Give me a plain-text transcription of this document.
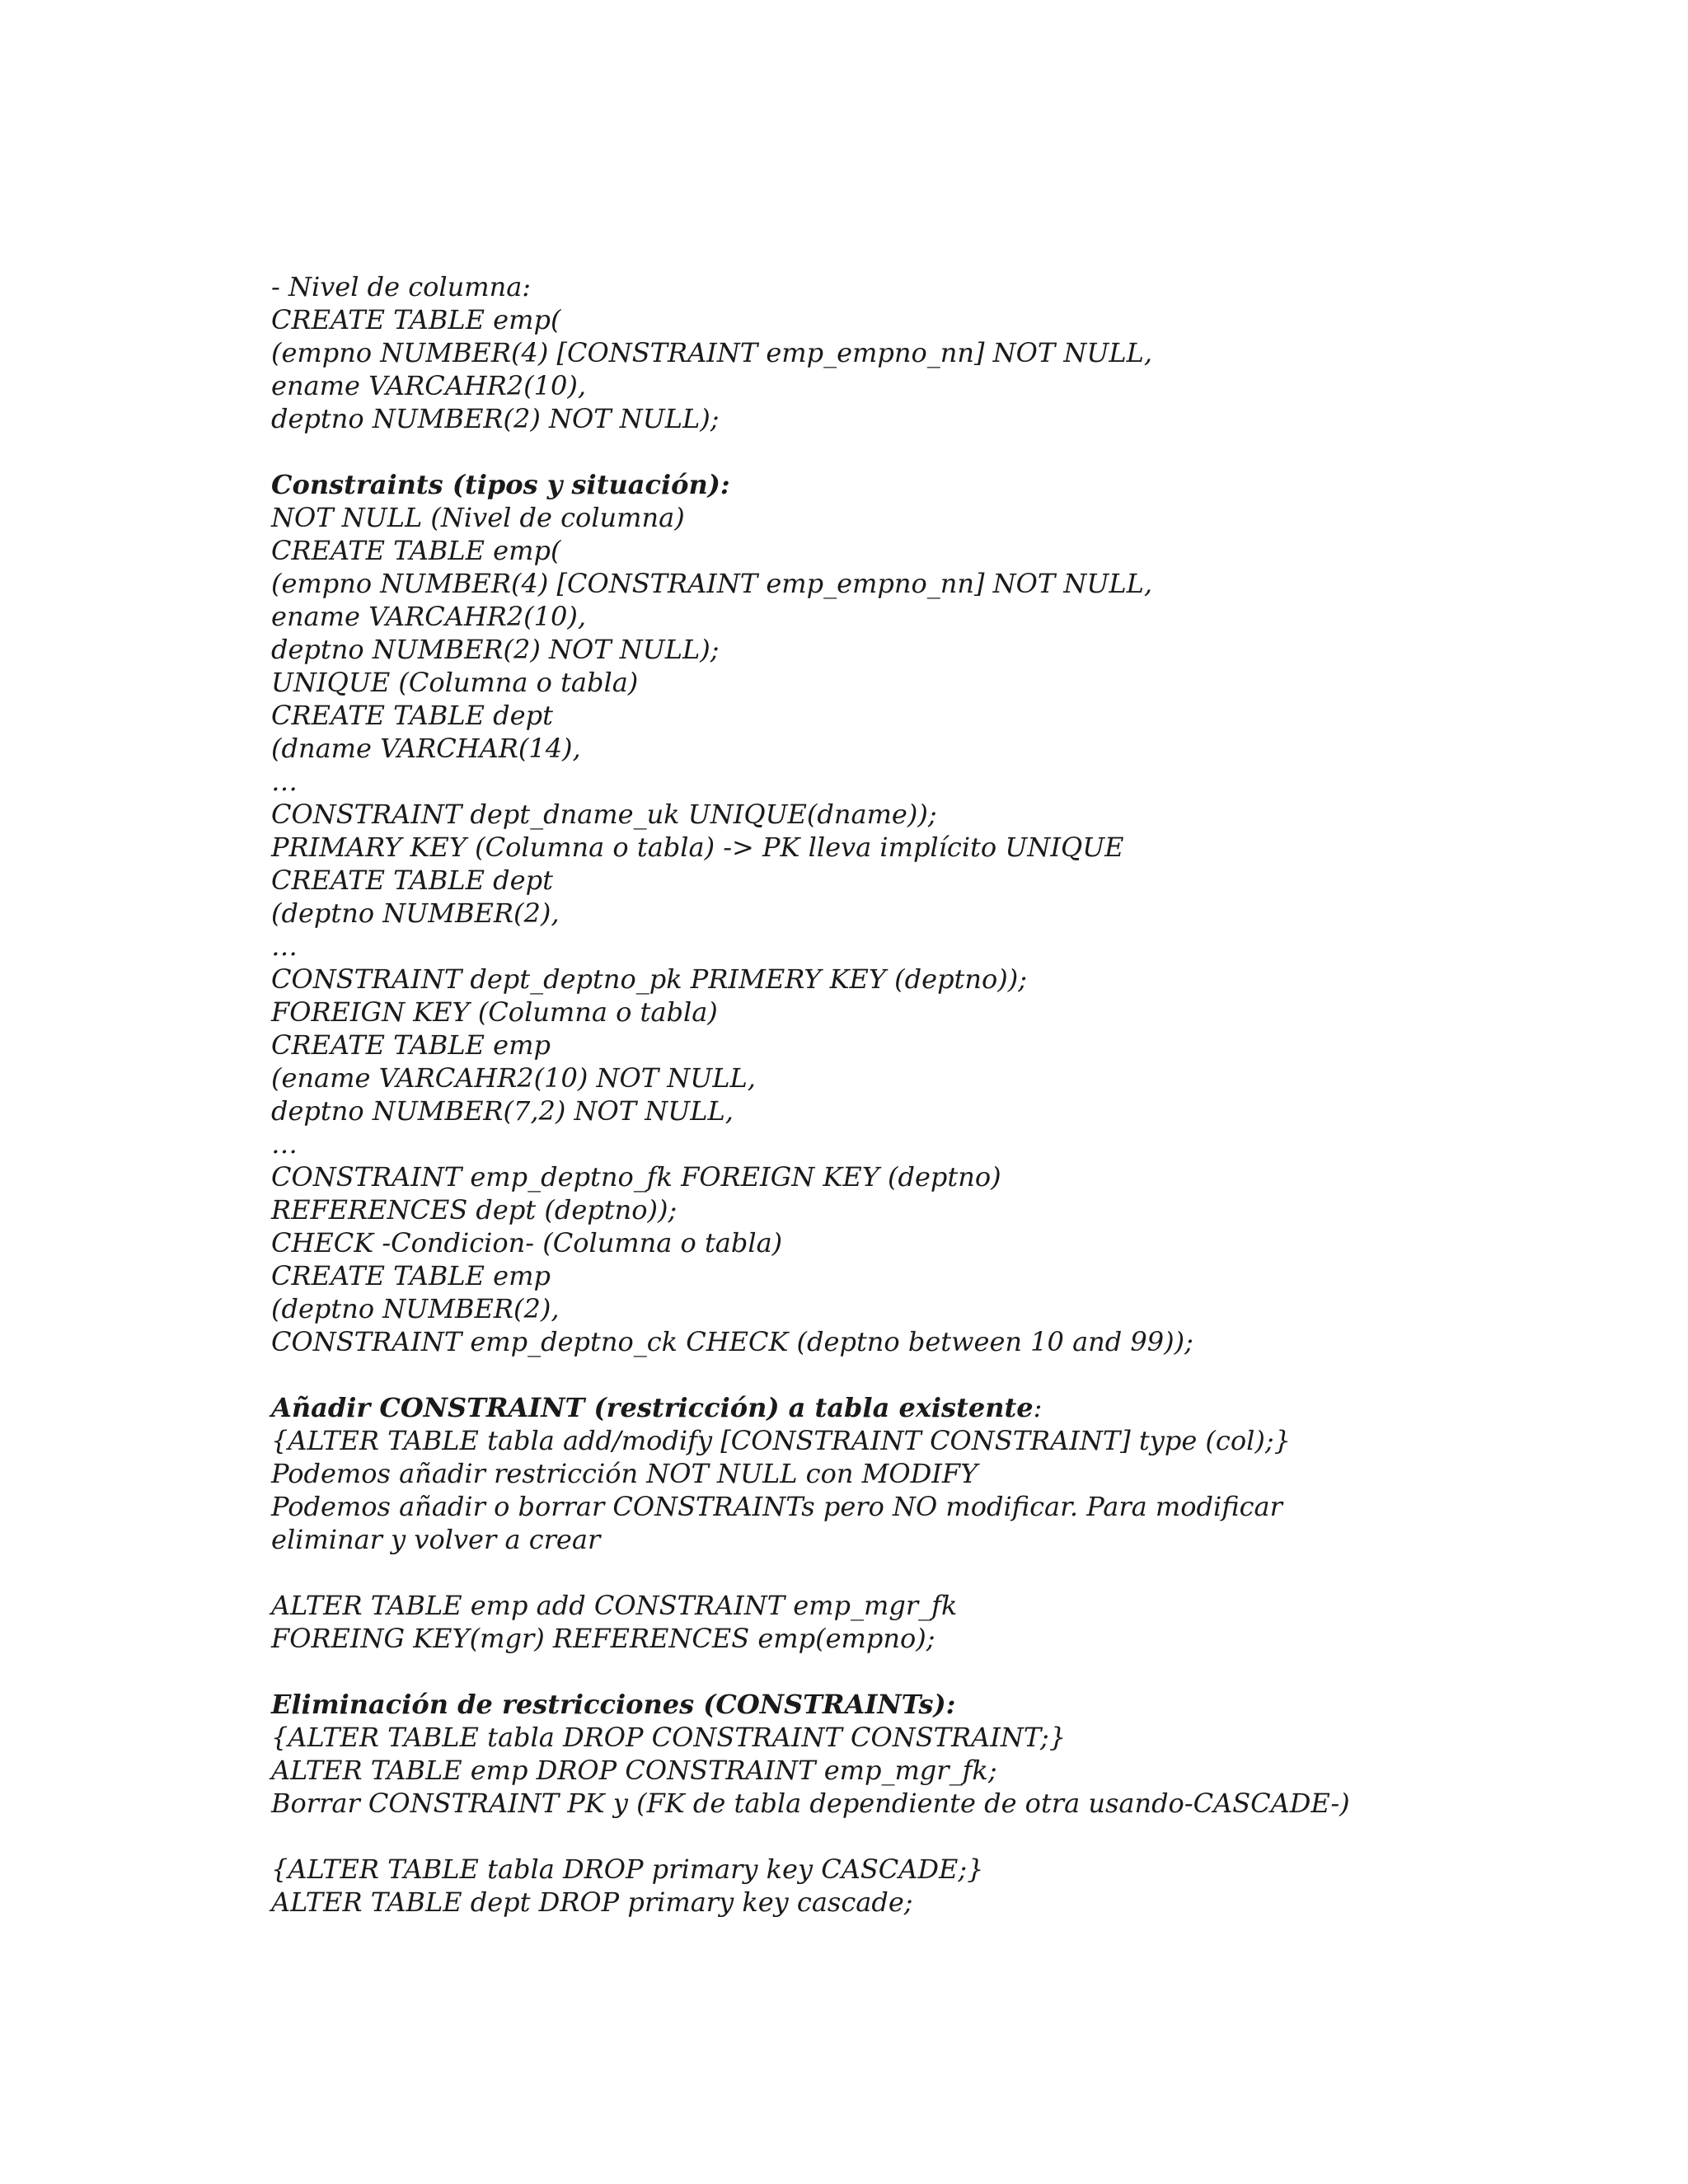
- Nivel de columna:
CREATE TABLE emp(
(empno NUMBER(4) [CONSTRAINT emp_empno_nn] NOT NULL,
ename VARCAHR2(10),
deptno NUMBER(2) NOT NULL);
Constraints (tipos y situación):
NOT NULL (Nivel de columna)
CREATE TABLE emp(
(empno NUMBER(4) [CONSTRAINT emp_empno_nn] NOT NULL,
ename VARCAHR2(10),
deptno NUMBER(2) NOT NULL);
UNIQUE (Columna o tabla)
CREATE TABLE dept
(dname VARCHAR(14),
…
CONSTRAINT dept_dname_uk UNIQUE(dname));
PRIMARY KEY (Columna o tabla) -> PK lleva implícito UNIQUE
CREATE TABLE dept
(deptno NUMBER(2),
…
CONSTRAINT dept_deptno_pk PRIMERY KEY (deptno));
FOREIGN KEY (Columna o tabla)
CREATE TABLE emp
(ename VARCAHR2(10) NOT NULL,
deptno NUMBER(7,2) NOT NULL,
…
CONSTRAINT emp_deptno_fk FOREIGN KEY (deptno)
REFERENCES dept (deptno));
CHECK -Condicion- (Columna o tabla)
CREATE TABLE emp
(deptno NUMBER(2),
CONSTRAINT emp_deptno_ck CHECK (deptno between 10 and 99));
Añadir CONSTRAINT (restricción) a tabla existente:
{ALTER TABLE tabla add/modify [CONSTRAINT CONSTRAINT] type (col);}
Podemos añadir restricción NOT NULL con MODIFY
Podemos añadir o borrar CONSTRAINTs pero NO modificar. Para modificar
eliminar y volver a crear
ALTER TABLE emp add CONSTRAINT emp_mgr_fk
FOREING KEY(mgr) REFERENCES emp(empno);
Eliminación de restricciones (CONSTRAINTs):
{ALTER TABLE tabla DROP CONSTRAINT CONSTRAINT;}
ALTER TABLE emp DROP CONSTRAINT emp_mgr_fk;
Borrar CONSTRAINT PK y (FK de tabla dependiente de otra usando-CASCADE-)
{ALTER TABLE tabla DROP primary key CASCADE;}
ALTER TABLE dept DROP primary key cascade;
